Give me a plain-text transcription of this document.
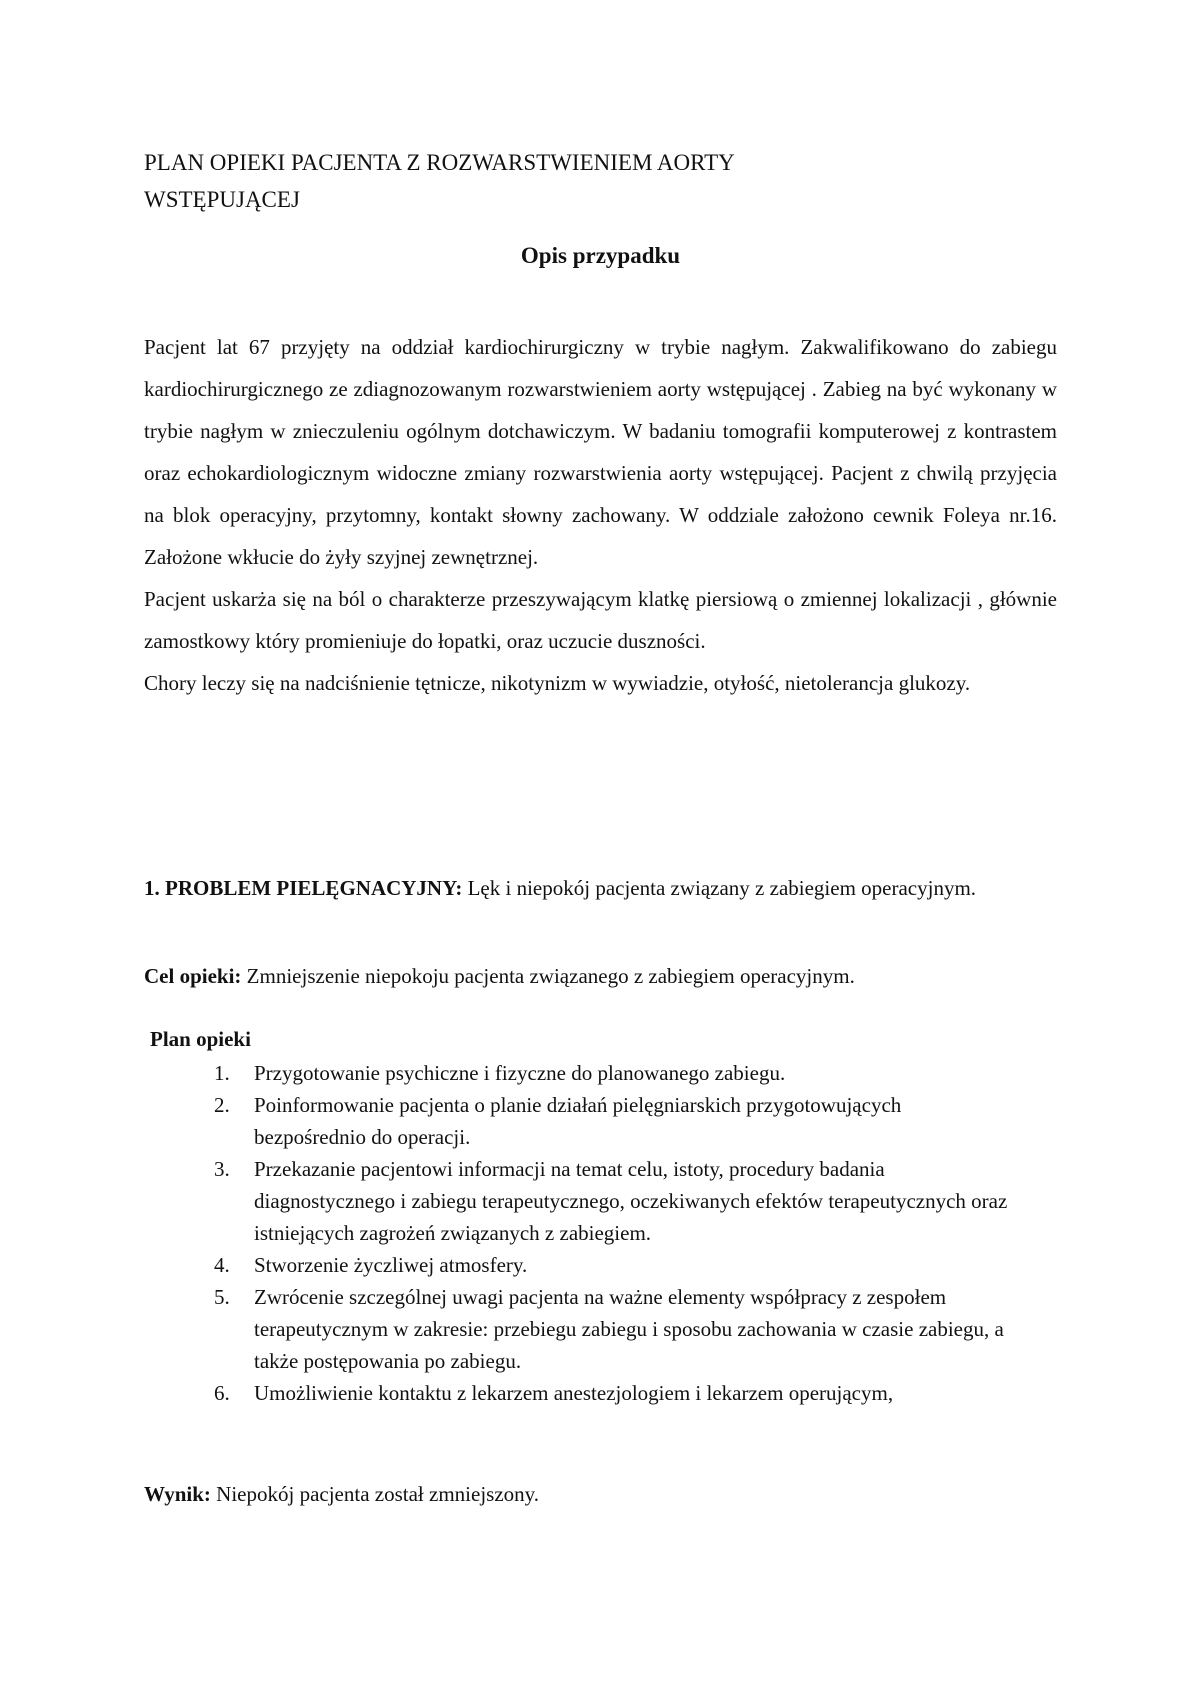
PLAN OPIEKI PACJENTA Z ROZWARSTWIENIEM AORTY
WSTĘPUJĄCEJ
Opis przypadku

Pacjent lat 67 przyjęty na oddział kardiochirurgiczny w trybie nagłym. Zakwalifikowano do zabiegu kardiochirurgicznego ze zdiagnozowanym rozwarstwieniem aorty wstępującej . Zabieg na być wykonany w trybie nagłym w znieczuleniu ogólnym dotchawiczym. W badaniu tomografii komputerowej z kontrastem oraz echokardiologicznym widoczne zmiany rozwarstwienia aorty wstępującej. Pacjent z chwilą przyjęcia na blok operacyjny, przytomny, kontakt słowny zachowany. W oddziale założono cewnik Foleya nr.16. Założone wkłucie do żyły szyjnej zewnętrznej.

Pacjent uskarża się na ból o charakterze przeszywającym klatkę piersiową o zmiennej lokalizacji , głównie zamostkowy który promieniuje do łopatki, oraz uczucie duszności.

Chory leczy się na nadciśnienie tętnicze, nikotynizm w wywiadzie, otyłość, nietolerancja glukozy.

1. PROBLEM PIELĘGNACYJNY: Lęk i niepokój pacjenta związany z zabiegiem operacyjnym.

Cel opieki: Zmniejszenie niepokoju pacjenta związanego z zabiegiem operacyjnym.

Plan opieki

1. Przygotowanie psychiczne i fizyczne do planowanego zabiegu.
2. Poinformowanie pacjenta o planie działań pielęgniarskich przygotowujących bezpośrednio do operacji.
3. Przekazanie pacjentowi informacji na temat celu, istoty, procedury badania diagnostycznego i zabiegu terapeutycznego, oczekiwanych efektów terapeutycznych oraz istniejących zagrożeń związanych z zabiegiem.
4. Stworzenie życzliwej atmosfery.
5. Zwrócenie szczególnej uwagi pacjenta na ważne elementy współpracy z zespołem terapeutycznym w zakresie: przebiegu zabiegu i sposobu zachowania w czasie zabiegu, a także postępowania po zabiegu.
6. Umożliwienie kontaktu z lekarzem anestezjologiem i lekarzem operującym,

Wynik: Niepokój pacjenta został zmniejszony.
